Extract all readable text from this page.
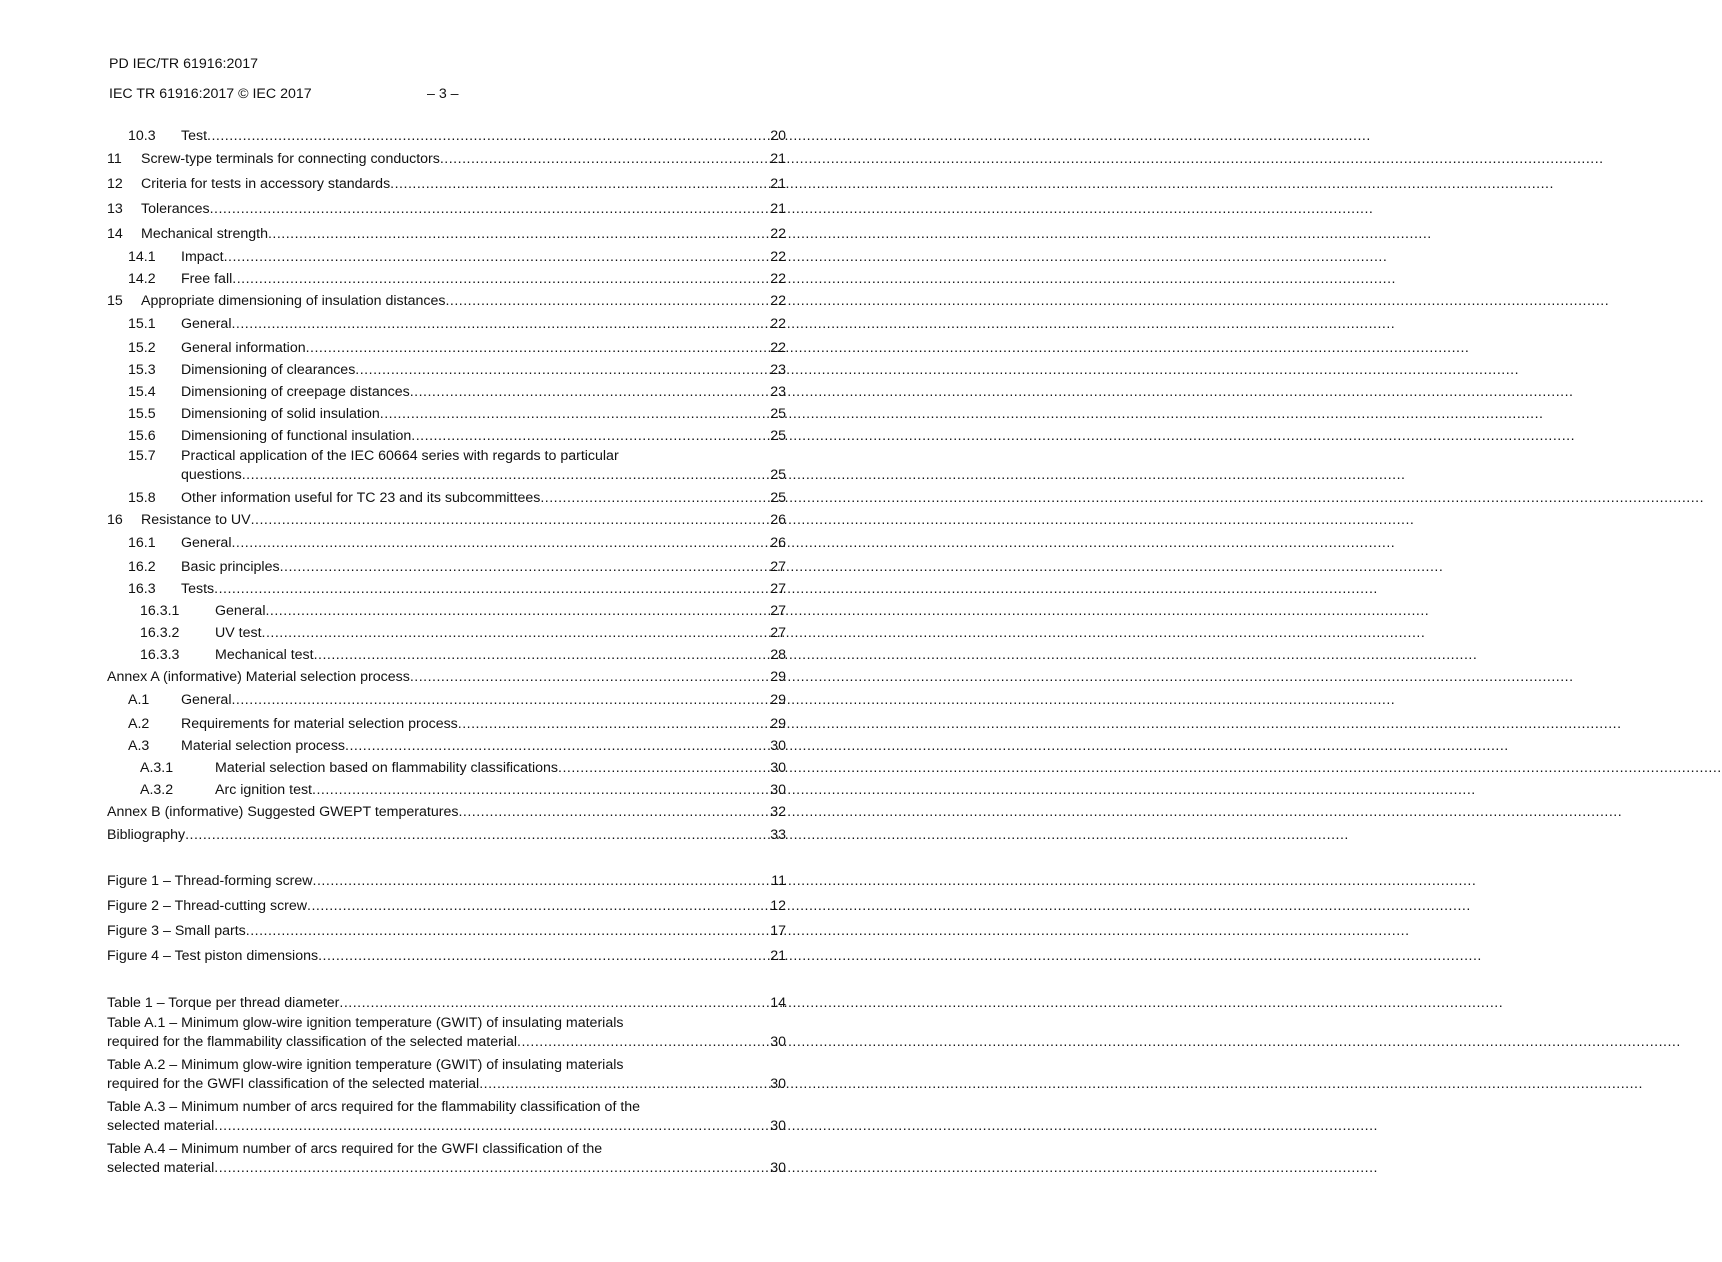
PD IEC/TR 61916:2017
IEC TR 61916:2017 © IEC 2017	– 3 –
10.3	Test .....	20
11	Screw-type terminals for connecting conductors .....	21
12	Criteria for tests in accessory standards .....	21
13	Tolerances .....	21
14	Mechanical strength .....	22
14.1	Impact .....	22
14.2	Free fall .....	22
15	Appropriate dimensioning of insulation distances .....	22
15.1	General .....	22
15.2	General information .....	22
15.3	Dimensioning of clearances .....	23
15.4	Dimensioning of creepage distances .....	23
15.5	Dimensioning of solid insulation .....	25
15.6	Dimensioning of functional insulation .....	25
15.7 Practical application of the IEC 60664 series with regards to particular
questions .....	25
15.8	Other information useful for TC 23 and its subcommittees .....	25
16	Resistance to UV .....	26
16.1	General .....	26
16.2	Basic principles .....	27
16.3	Tests .....	27
16.3.1	General .....	27
16.3.2	UV test .....	27
16.3.3	Mechanical test .....	28
Annex A (informative) Material selection process .....	29
A.1	General .....	29
A.2	Requirements for material selection process .....	29
A.3	Material selection process .....	30
A.3.1	Material selection based on flammability classifications .....	30
A.3.2	Arc ignition test .....	30
Annex B (informative) Suggested GWEPT temperatures .....	32
Bibliography .....	33
Figure 1 – Thread-forming screw .....	11
Figure 2 – Thread-cutting screw .....	12
Figure 3 – Small parts .....	17
Figure 4 – Test piston dimensions .....	21
Table 1 – Torque per thread diameter .....	14
Table A.1 – Minimum glow-wire ignition temperature (GWIT) of insulating materials
required for the flammability classification of the selected material .....	30
Table A.2 – Minimum glow-wire ignition temperature (GWIT) of insulating materials
required for the GWFI classification of the selected material .....	30
Table A.3 – Minimum number of arcs required for the flammability classification of the
selected material .....	30
Table A.4 – Minimum number of arcs required for the GWFI classification of the
selected material .....	30
